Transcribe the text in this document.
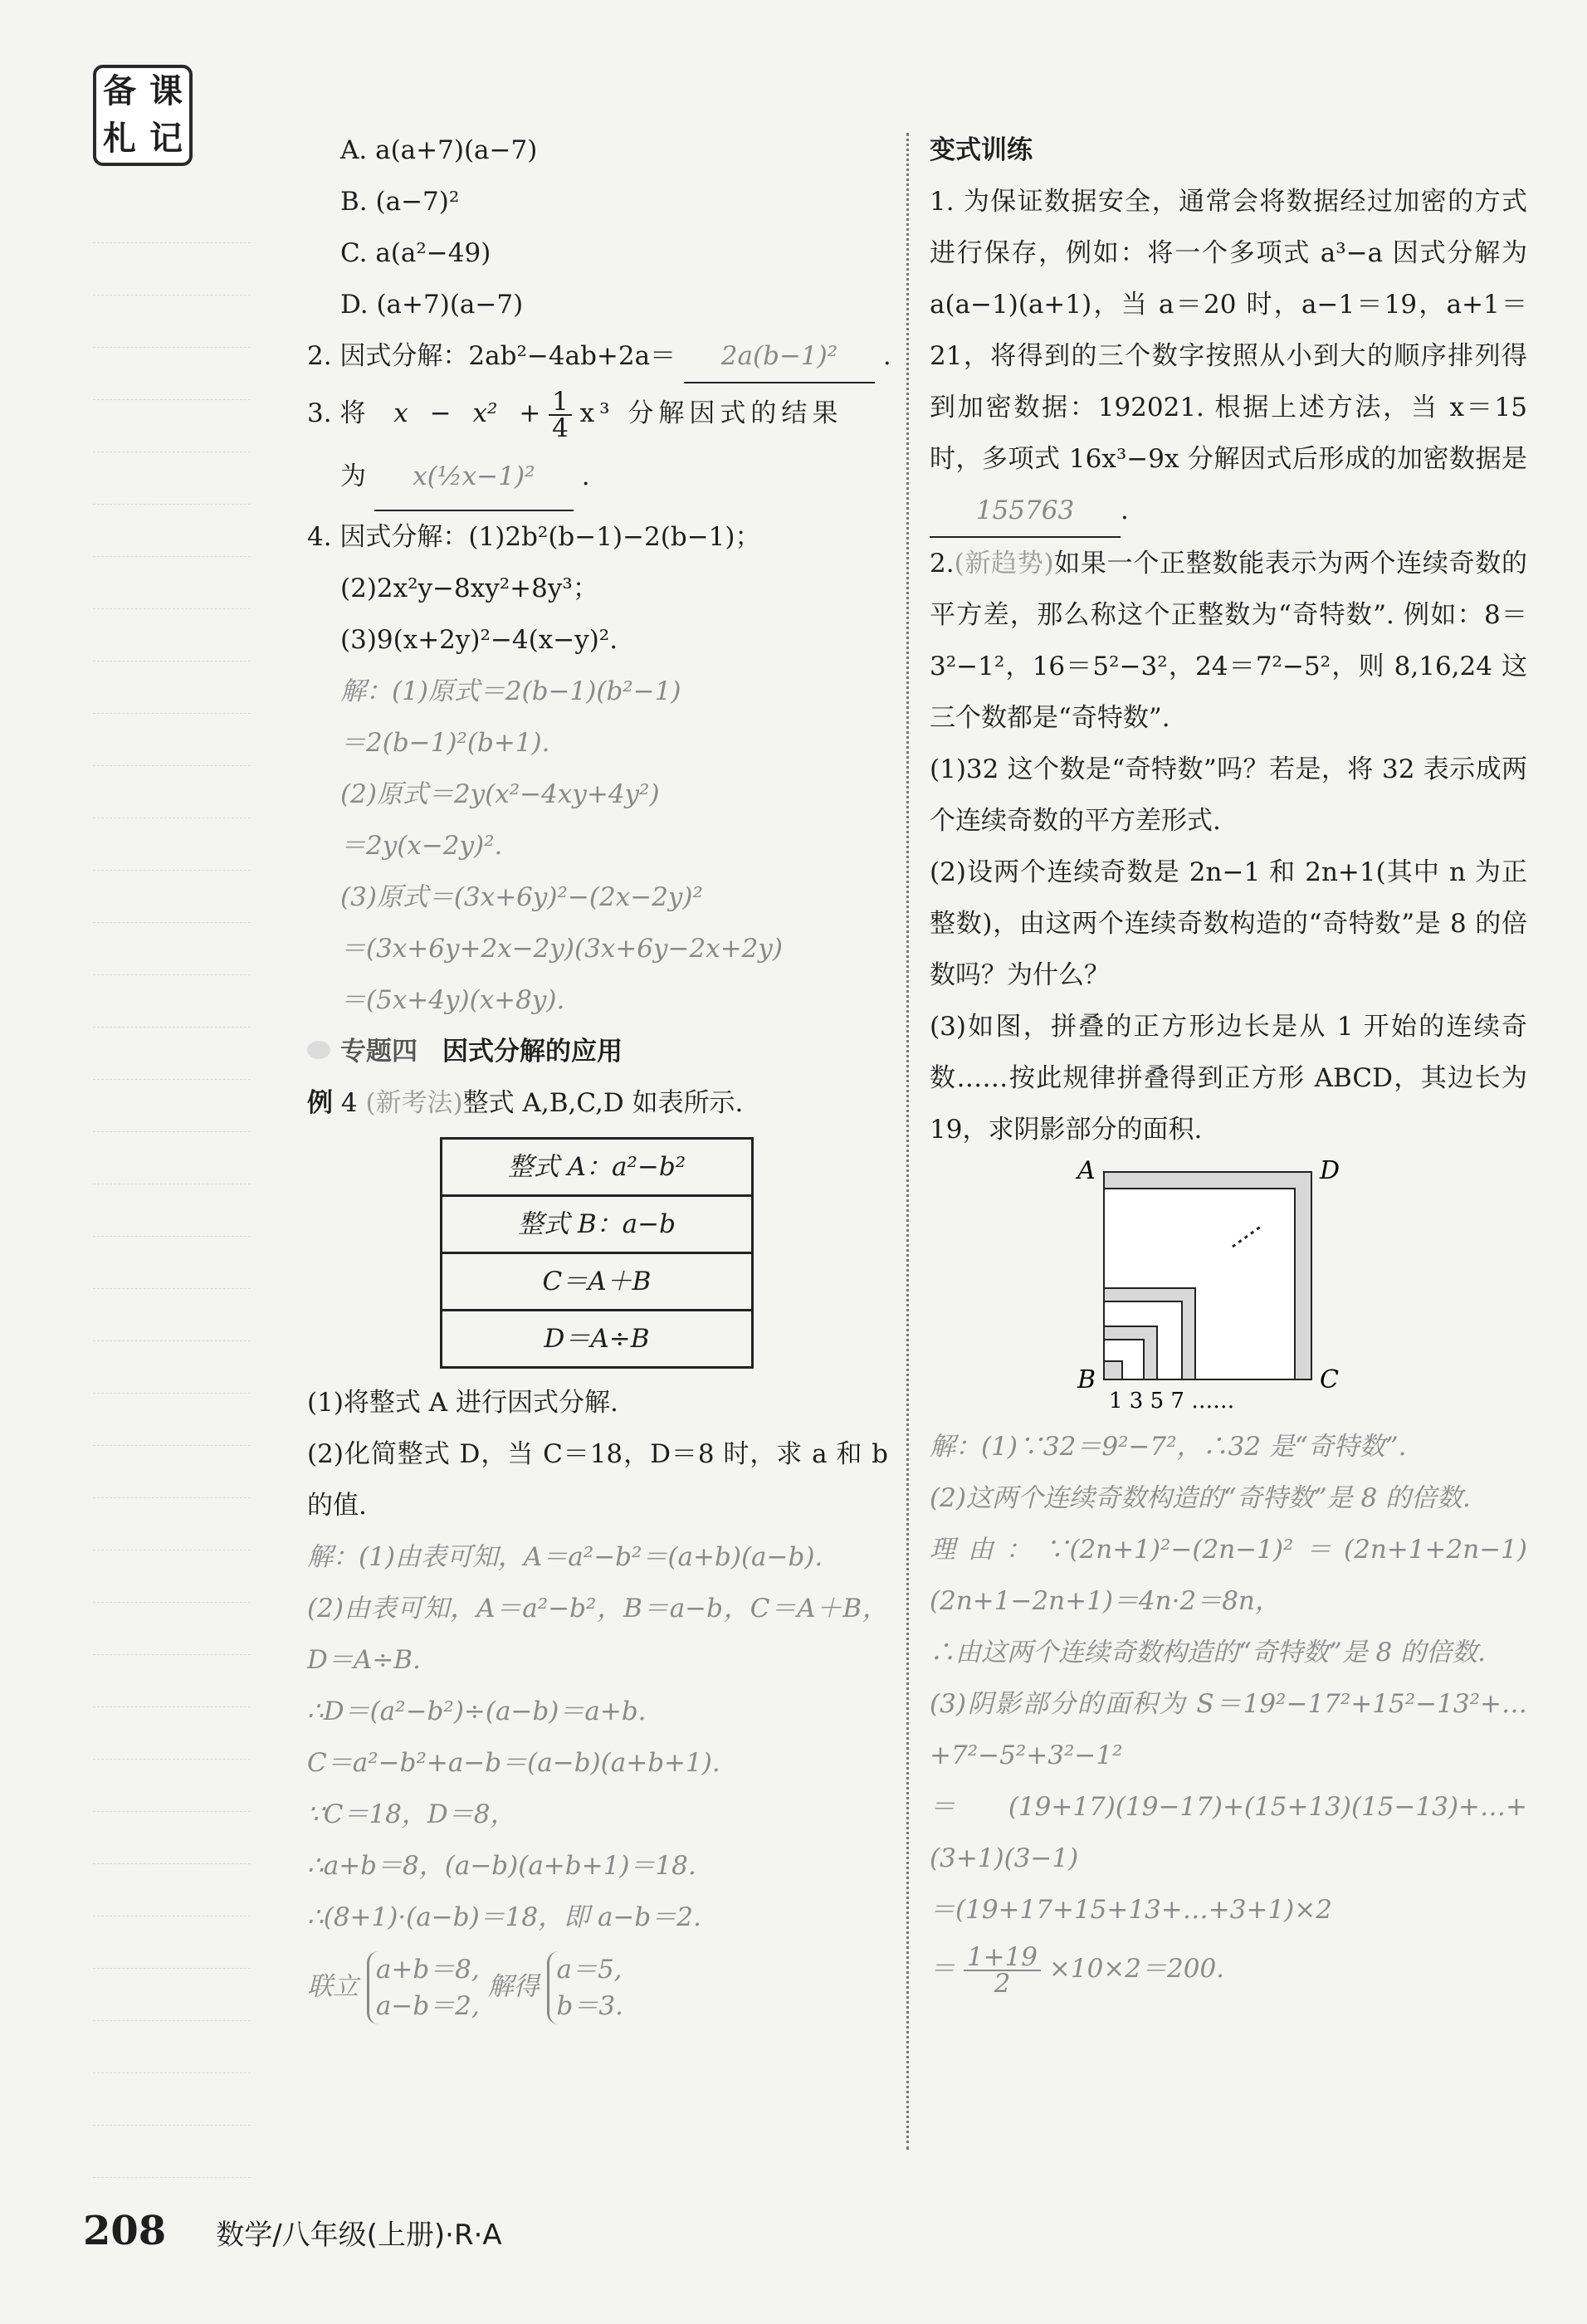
备 课
札 记	A. a(a+7)(a−7)
B. (a−7)²
C. a(a²−49)
D. (a+7)(a−7)
2. 因式分解：2ab²−4ab+2a＝ 2a(b−1)² .
3. 将 $x - x^2 + \frac{1}{4} x^3$ 分解因式的结果
为 x(½x−1)² .
4. 因式分解：(1)2b²(b−1)−2(b−1)；
(2)2x²y−8xy²+8y³；
(3)9(x+2y)²−4(x−y)².
解：(1)原式＝2(b−1)(b²−1)
＝2(b−1)²(b+1).
(2)原式＝2y(x²−4xy+4y²)
＝2y(x−2y)².
(3)原式＝(3x+6y)²−(2x−2y)²
＝(3x+6y+2x−2y)(3x+6y−2x+2y)
＝(5x+4y)(x+8y).
专题四 因式分解的应用
例 4 (新考法)整式 A,B,C,D 如表所示.
整式 A：a²−b²
整式 B：a−b
C＝A＋B
D＝A÷B
(1)将整式 A 进行因式分解.
(2)化简整式 D，当 C＝18，D＝8 时，求 a 和 b 的值.
解：(1)由表可知，A＝a²−b²＝(a+b)(a−b).
(2)由表可知，A＝a²−b²，B＝a−b，C＝A＋B，D＝A÷B.
∴D＝(a²−b²)÷(a−b)＝a+b.
C＝a²−b²+a−b＝(a−b)(a+b+1).
∵C＝18，D＝8，
∴a+b＝8，(a−b)(a+b+1)＝18.
∴(8+1)·(a−b)＝18，即 a−b＝2.
联立
a+b＝8,
a−b＝2,
解得
a＝5,
b＝3.
变式训练
1. 为保证数据安全，通常会将数据经过加密的方式进行保存，例如：将一个多项式 a³−a 因式分解为 a(a−1)(a+1)，当 a＝20 时，a−1＝19，a+1＝21，将得到的三个数字按照从小到大的顺序排列得到加密数据：192021. 根据上述方法，当 x＝15 时，多项式 16x³−9x 分解因式后形成的加密数据是 155763 .
2.(新趋势)如果一个正整数能表示为两个连续奇数的平方差，那么称这个正整数为“奇特数”. 例如：8＝3²−1²，16＝5²−3²，24＝7²−5²，则 8,16,24 这三个数都是“奇特数”.
(1)32 这个数是“奇特数”吗？若是，将 32 表示成两个连续奇数的平方差形式.
(2)设两个连续奇数是 2n−1 和 2n+1(其中 n 为正整数)，由这两个连续奇数构造的“奇特数”是 8 的倍数吗？为什么？
(3)如图，拼叠的正方形边长是从 1 开始的连续奇数……按此规律拼叠得到正方形 ABCD，其边长为 19，求阴影部分的面积.
A	D
B	C
1 3 5 7 ……
解：(1)∵32＝9²−7²，∴32 是“奇特数”.
(2)这两个连续奇数构造的“奇特数”是 8 的倍数.
理由：∵(2n+1)²−(2n−1)²＝(2n+1+2n−1)(2n+1−2n+1)＝4n·2＝8n，
∴由这两个连续奇数构造的“奇特数”是 8 的倍数.
(3)阴影部分的面积为 S＝19²−17²+15²−13²+…+7²−5²+3²−1²
＝(19+17)(19−17)+(15+13)(15−13)+…+(3+1)(3−1)
＝(19+17+15+13+…+3+1)×2
＝ $\frac{1+19}{2} \times 10\times 2=200$.
208 数学/八年级(上册)·R·A
